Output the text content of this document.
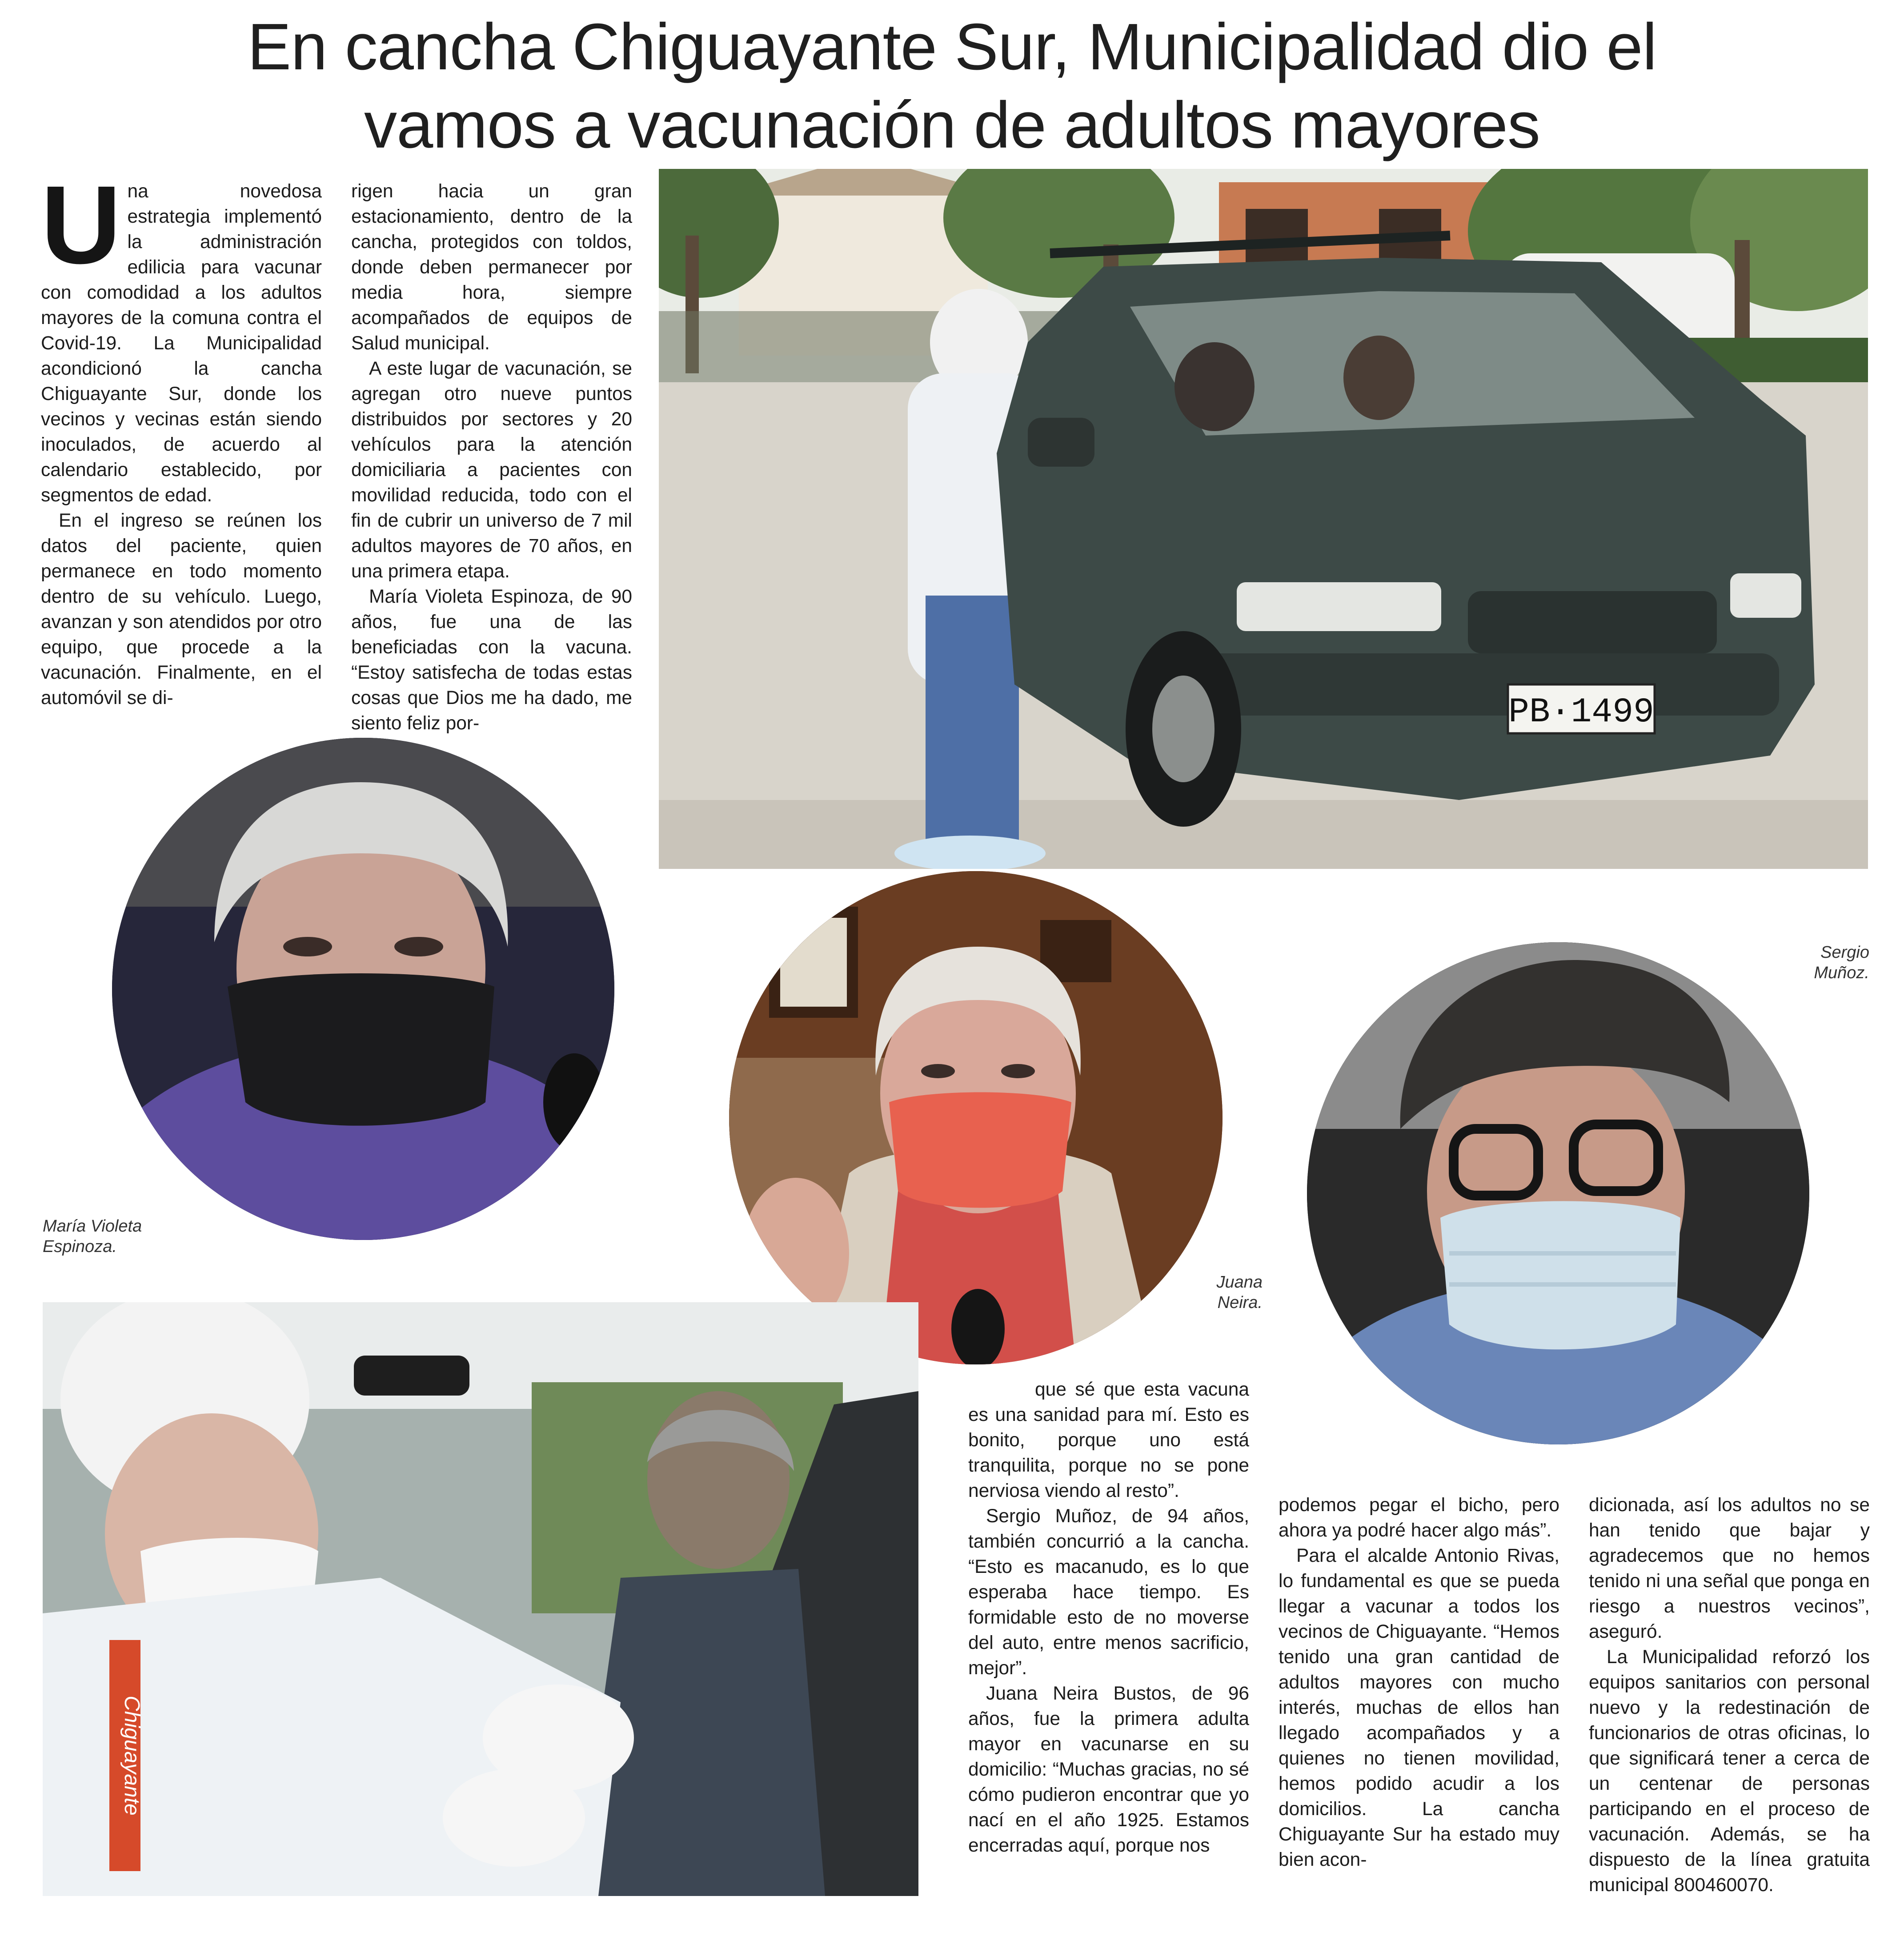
En cancha Chiguayante Sur, Municipalidad dio el
vamos a vacunación de adultos mayores
U na novedosa estrategia implementó la administración edilicia para vacunar con comodidad a los adultos mayores de la comuna contra el Covid-19. La Municipalidad acondicionó la cancha Chiguayante Sur, donde los vecinos y vecinas están siendo inoculados, de acuerdo al calendario establecido, por segmentos de edad.

En el ingreso se reúnen los datos del paciente, quien permanece en todo momento dentro de su vehículo. Luego, avanzan y son atendidos por otro equipo, que procede a la vacunación. Finalmente, en el automóvil se di-

rigen hacia un gran estacionamiento, dentro de la cancha, protegidos con toldos, donde deben permanecer por media hora, siempre acompañados de equipos de Salud municipal.

A este lugar de vacunación, se agregan otro nueve puntos distribuidos por sectores y 20 vehículos para la atención domiciliaria a pacientes con movilidad reducida, todo con el fin de cubrir un universo de 7 mil adultos mayores de 70 años, en una primera etapa.

María Violeta Espinoza, de 90 años, fue una de las beneficiadas con la vacuna. “Estoy satisfecha de todas estas cosas que Dios me ha dado, me siento feliz por-	PB·1499
María Violeta
Espinoza.
Juana
Neira.
Sergio
Muñoz.
Chiguayante

que sé que esta vacuna es una sanidad para mí. Esto es bonito, porque uno está tranquilita, porque no se pone nerviosa viendo al resto”.

Sergio Muñoz, de 94 años, también concurrió a la cancha. “Esto es macanudo, es lo que esperaba hace tiempo. Es formidable esto de no moverse del auto, entre menos sacrificio, mejor”.

Juana Neira Bustos, de 96 años, fue la primera adulta mayor en vacunarse en su domicilio: “Muchas gracias, no sé cómo pudieron encontrar que yo nací en el año 1925. Estamos encerradas aquí, porque nos

podemos pegar el bicho, pero ahora ya podré hacer algo más”.

Para el alcalde Antonio Rivas, lo fundamental es que se pueda llegar a vacunar a todos los vecinos de Chiguayante. “Hemos tenido una gran cantidad de adultos mayores con mucho interés, muchas de ellos han llegado acompañados y a quienes no tienen movilidad, hemos podido acudir a los domicilios. La cancha Chiguayante Sur ha estado muy bien acon-

dicionada, así los adultos no se han tenido que bajar y agradecemos que no hemos tenido ni una señal que ponga en riesgo a nuestros vecinos”, aseguró.

La Municipalidad reforzó los equipos sanitarios con personal nuevo y la redestinación de funcionarios de otras oficinas, lo que significará tener a cerca de un centenar de personas participando en el proceso de vacunación. Además, se ha dispuesto de la línea gratuita municipal 800460070.
